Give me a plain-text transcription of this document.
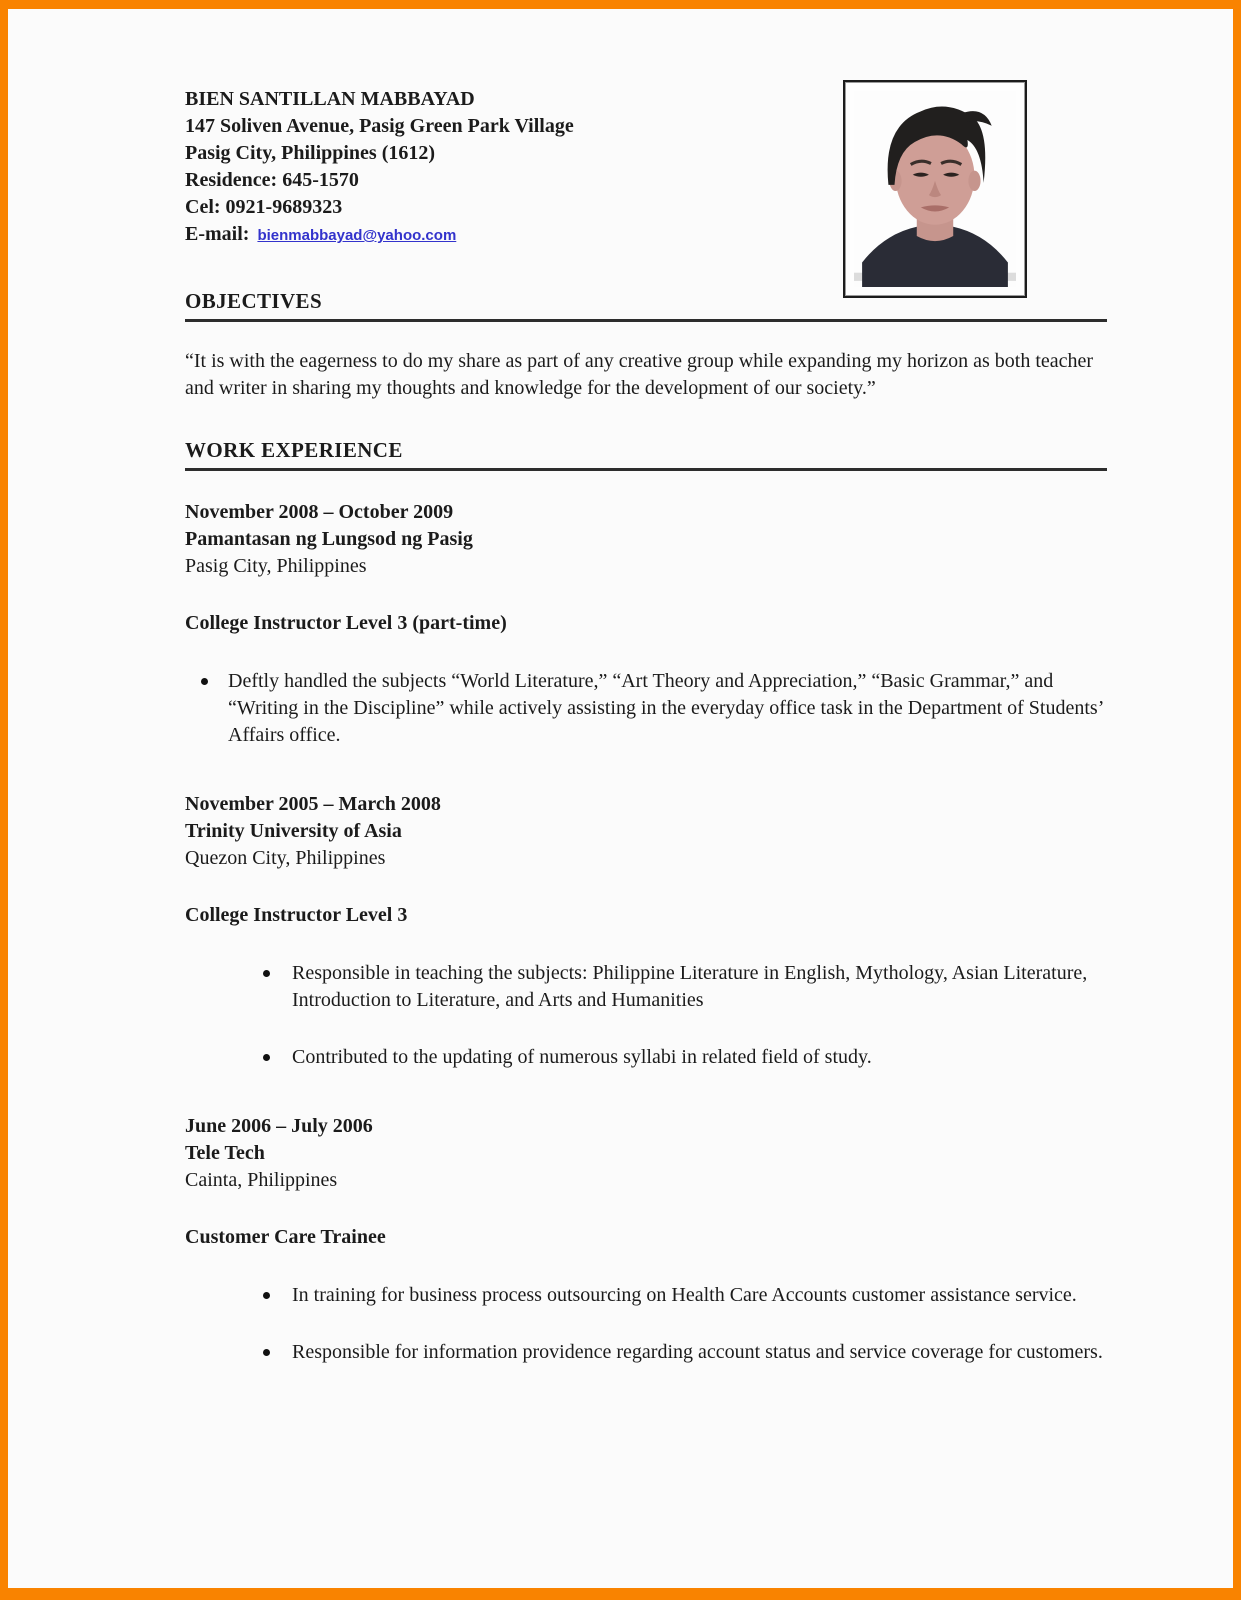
BIEN SANTILLAN MABBAYAD
147 Soliven Avenue, Pasig Green Park Village
Pasig City, Philippines (1612)
Residence: 645-1570
Cel: 0921-9689323
E-mail: bienmabbayad@yahoo.com
OBJECTIVES

“It is with the eagerness to do my share as part of any creative group while expanding my horizon as both teacher and writer in sharing my thoughts and knowledge for the development of our society.”

WORK EXPERIENCE
November 2008 – October 2009
Pamantasan ng Lungsod ng Pasig
Pasig City, Philippines
College Instructor Level 3 (part-time)
Deftly handled the subjects “World Literature,” “Art Theory and Appreciation,” “Basic Grammar,” and “Writing in the Discipline” while actively assisting in the everyday office task in the Department of Students’ Affairs office.
November 2005 – March 2008
Trinity University of Asia
Quezon City, Philippines
College Instructor Level 3
Responsible in teaching the subjects: Philippine Literature in English, Mythology, Asian Literature, Introduction to Literature, and Arts and Humanities
Contributed to the updating of numerous syllabi in related field of study.
June 2006 – July 2006
Tele Tech
Cainta, Philippines
Customer Care Trainee
In training for business process outsourcing on Health Care Accounts customer assistance service.
Responsible for information providence regarding account status and service coverage for customers.
